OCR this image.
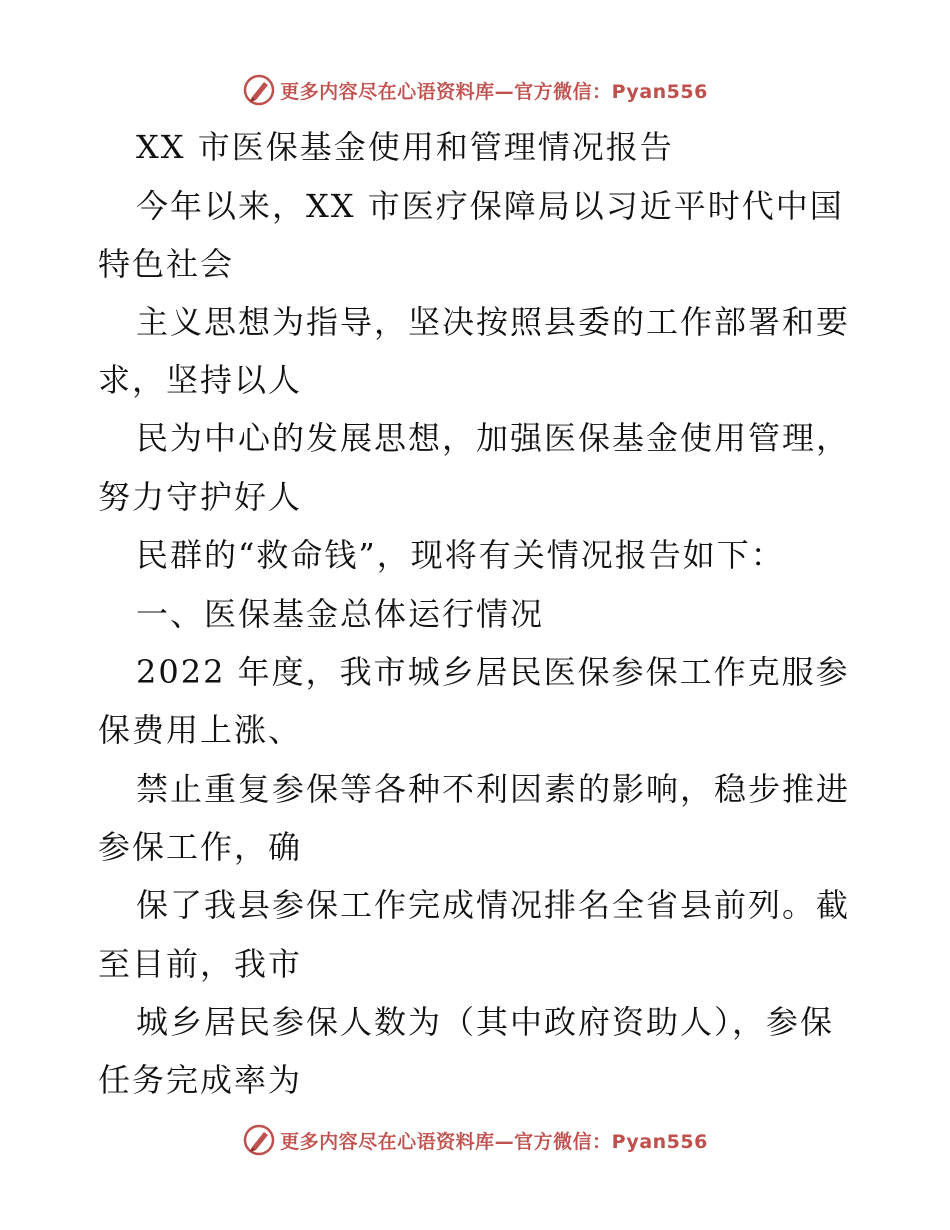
更多内容尽在心语资料库—官方微信：Pyan556
XX 市医保基金使用和管理情况报告
今年以来，XX 市医疗保障局以习近平时代中国
特色社会
主义思想为指导，坚决按照县委的工作部署和要
求，坚持以人
民为中心的发展思想，加强医保基金使用管理，
努力守护好人
民群的“救命钱”，现将有关情况报告如下：
一、医保基金总体运行情况
2022 年度，我市城乡居民医保参保工作克服参
保费用上涨、
禁止重复参保等各种不利因素的影响，稳步推进
参保工作，确
保了我县参保工作完成情况排名全省县前列。截
至目前，我市
城乡居民参保人数为（其中政府资助人），参保
任务完成率为
更多内容尽在心语资料库—官方微信：Pyan556
